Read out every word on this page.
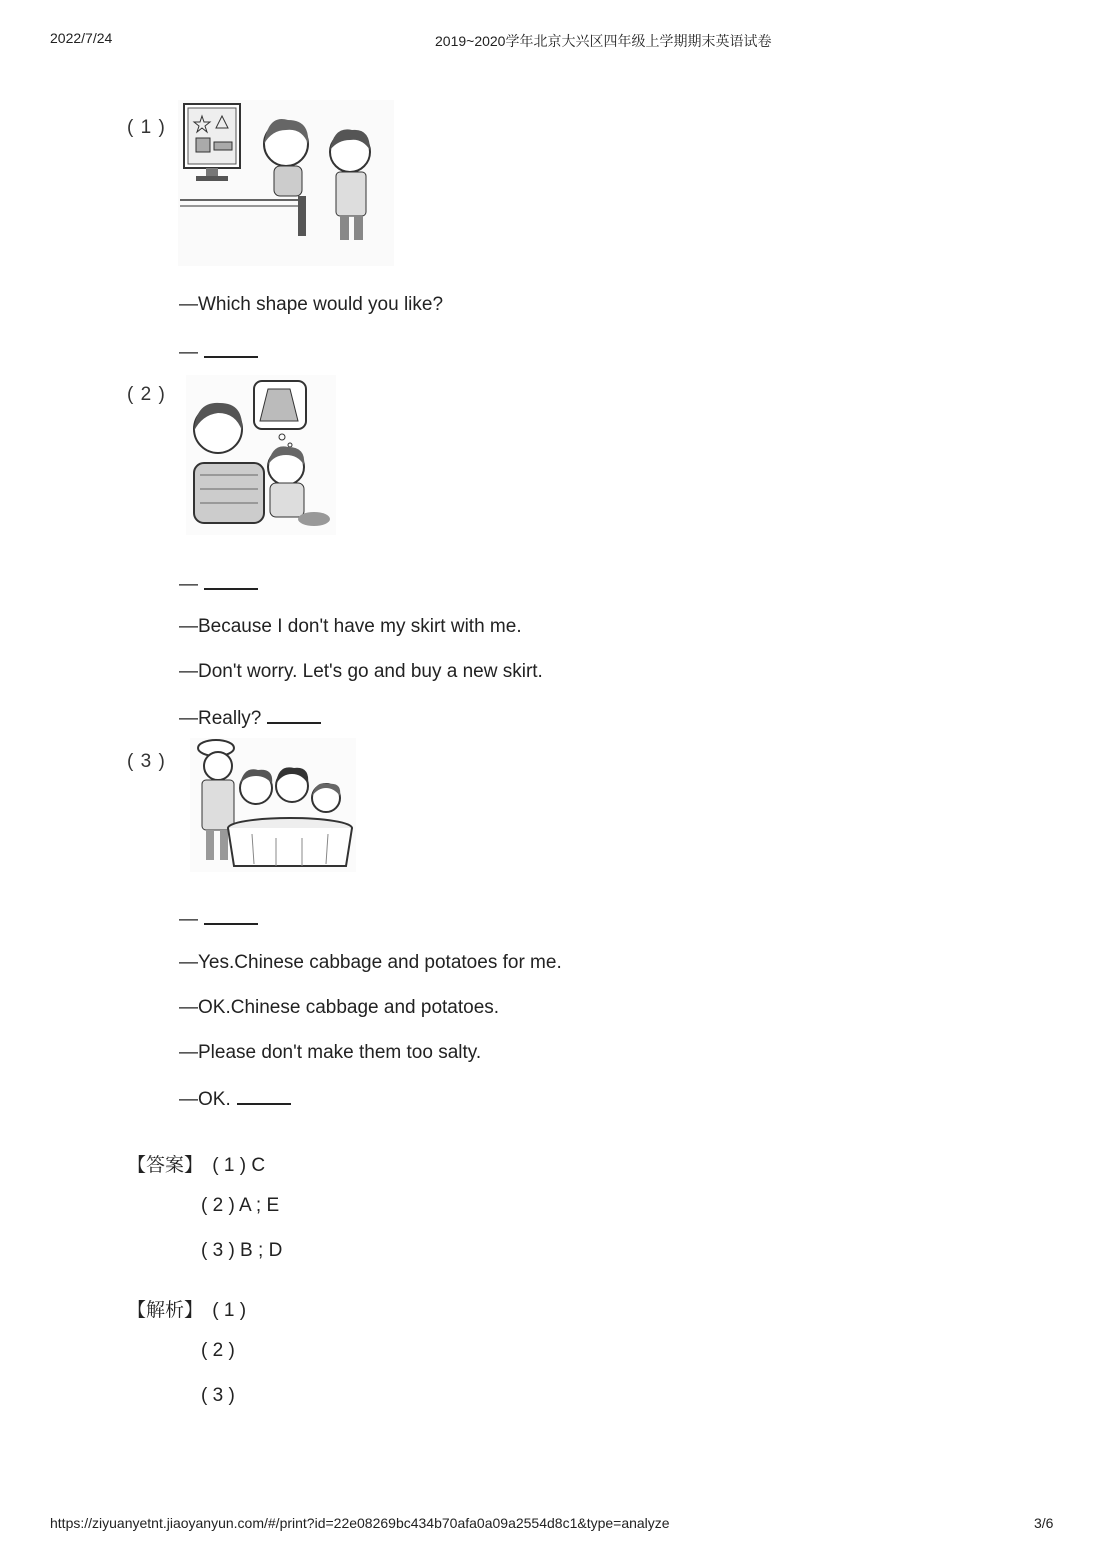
2022/7/24	2019~2020学年北京大兴区四年级上学期期末英语试卷
( 1 )
—Which shape would you like?
—
( 2 )
—
—Because I don't have my skirt with me.
—Don't worry. Let's go and buy a new skirt.
—Really?
( 3 )
—
—Yes.Chinese cabbage and potatoes for me.
—OK.Chinese cabbage and potatoes.
—Please don't make them too salty.
—OK.
【答案】 ( 1 ) C
( 2 ) A ; E
( 3 ) B ; D
【解析】 ( 1 )
( 2 )
( 3 )
https://ziyuanyetnt.jiaoyanyun.com/#/print?id=22e08269bc434b70afa0a09a2554d8c1&type=analyze	3/6
